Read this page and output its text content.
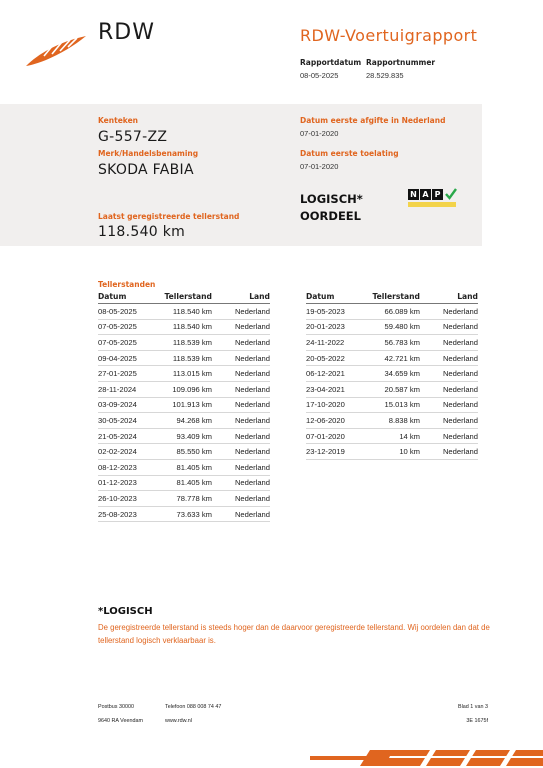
RDW	RDW-Voertuigrapport
Rapportdatum
08-05-2025
Rapportnummer
28.529.835
Kenteken
G-557-ZZ
Merk/Handelsbenaming
SKODA FABIA
Laatst geregistreerde tellerstand
118.540 km
Datum eerste afgifte in Nederland
07-01-2020
Datum eerste toelating
07-01-2020
LOGISCH*
OORDEEL
N A P
Tellerstanden
Datum	Tellerstand	Land
08-05-2025	118.540 km	Nederland
07-05-2025	118.540 km	Nederland
07-05-2025	118.539 km	Nederland
09-04-2025	118.539 km	Nederland
27-01-2025	113.015 km	Nederland
28-11-2024	109.096 km	Nederland
03-09-2024	101.913 km	Nederland
30-05-2024	94.268 km	Nederland
21-05-2024	93.409 km	Nederland
02-02-2024	85.550 km	Nederland
08-12-2023	81.405 km	Nederland
01-12-2023	81.405 km	Nederland
26-10-2023	78.778 km	Nederland
25-08-2023	73.633 km	Nederland
Datum	Tellerstand	Land
19-05-2023	66.089 km	Nederland
20-01-2023	59.480 km	Nederland
24-11-2022	56.783 km	Nederland
20-05-2022	42.721 km	Nederland
06-12-2021	34.659 km	Nederland
23-04-2021	20.587 km	Nederland
17-10-2020	15.013 km	Nederland
12-06-2020	8.838 km	Nederland
07-01-2020	14 km	Nederland
23-12-2019	10 km	Nederland
*LOGISCH
De geregistreerde tellerstand is steeds hoger dan de daarvoor geregistreerde tellerstand. Wij oordelen dan dat de tellerstand logisch verklaarbaar is.
Postbus 30000
9640 RA Veendam
Telefoon 088 008 74 47
www.rdw.nl
Blad 1 van 3
3E 1675f
